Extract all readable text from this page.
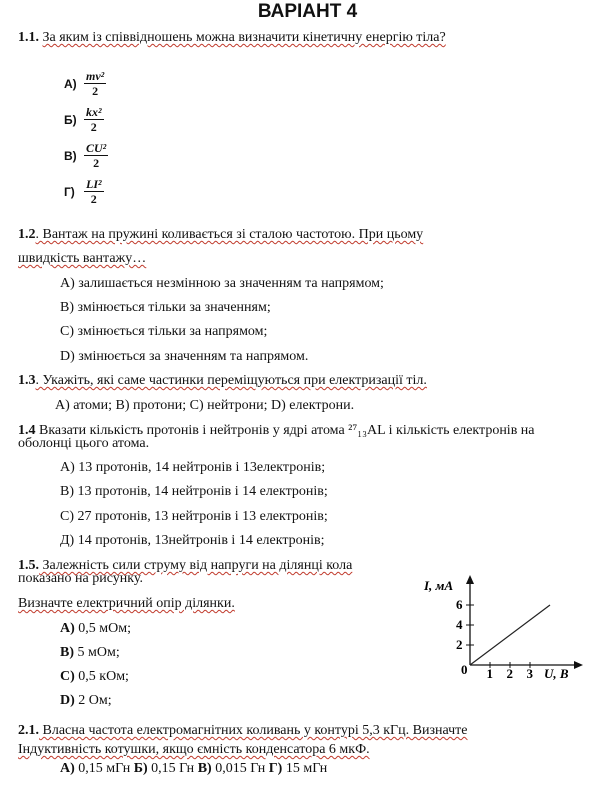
ВАРІАНТ 4
1.1. За яким із співвідношень можна визначити кінетичну енергію тіла?
$А) \frac{\text{mv²}}{2}$
$Б) \frac{\text{kx²}}{2}$
$В) \frac{\text{CU²}}{2}$
$Г) \frac{\text{LI²}}{2}$
1.2. Вантаж на пружині коливається зі сталою частотою. При цьому
швидкість вантажу…
А) залишається незмінною за значенням та напрямом;
В) змінюється тільки за значенням;
С) змінюється тільки за напрямом;
D) змінюється за значенням та напрямом.
1.3. Укажіть, які саме частинки переміщуються при електризації тіл.
А) атоми; В) протони; С) нейтрони; D) електрони.
1.4 Вказати кількість протонів і нейтронів у ядрі атома ²⁷₁₃AL і кількість електронів на
оболонці цього атома.
А) 13 протонів, 14 нейтронів і 13електронів;
В) 13 протонів, 14 нейтронів і 14 електронів;
С) 27 протонів, 13 нейтронів і 13 електронів;
Д) 14 протонів, 13нейтронів і 14 електронів;
1.5. Залежність сили струму від напруги на ділянці кола
показано на рисунку.
Визначте електричний опір ділянки.
А) 0,5 мОм;
В) 5 мОм;
С) 0,5 кОм;
D) 2 Ом;
I, мА
U, B
0 1 2 3
2
4
6
2.1. Власна частота електромагнітних коливань у контурі 5,3 кГц. Визначте
Індуктивність котушки, якщо ємність конденсатора 6 мкФ.
А) 0,15 мГн Б) 0,15 Гн В) 0,015 Гн Г) 15 мГн
